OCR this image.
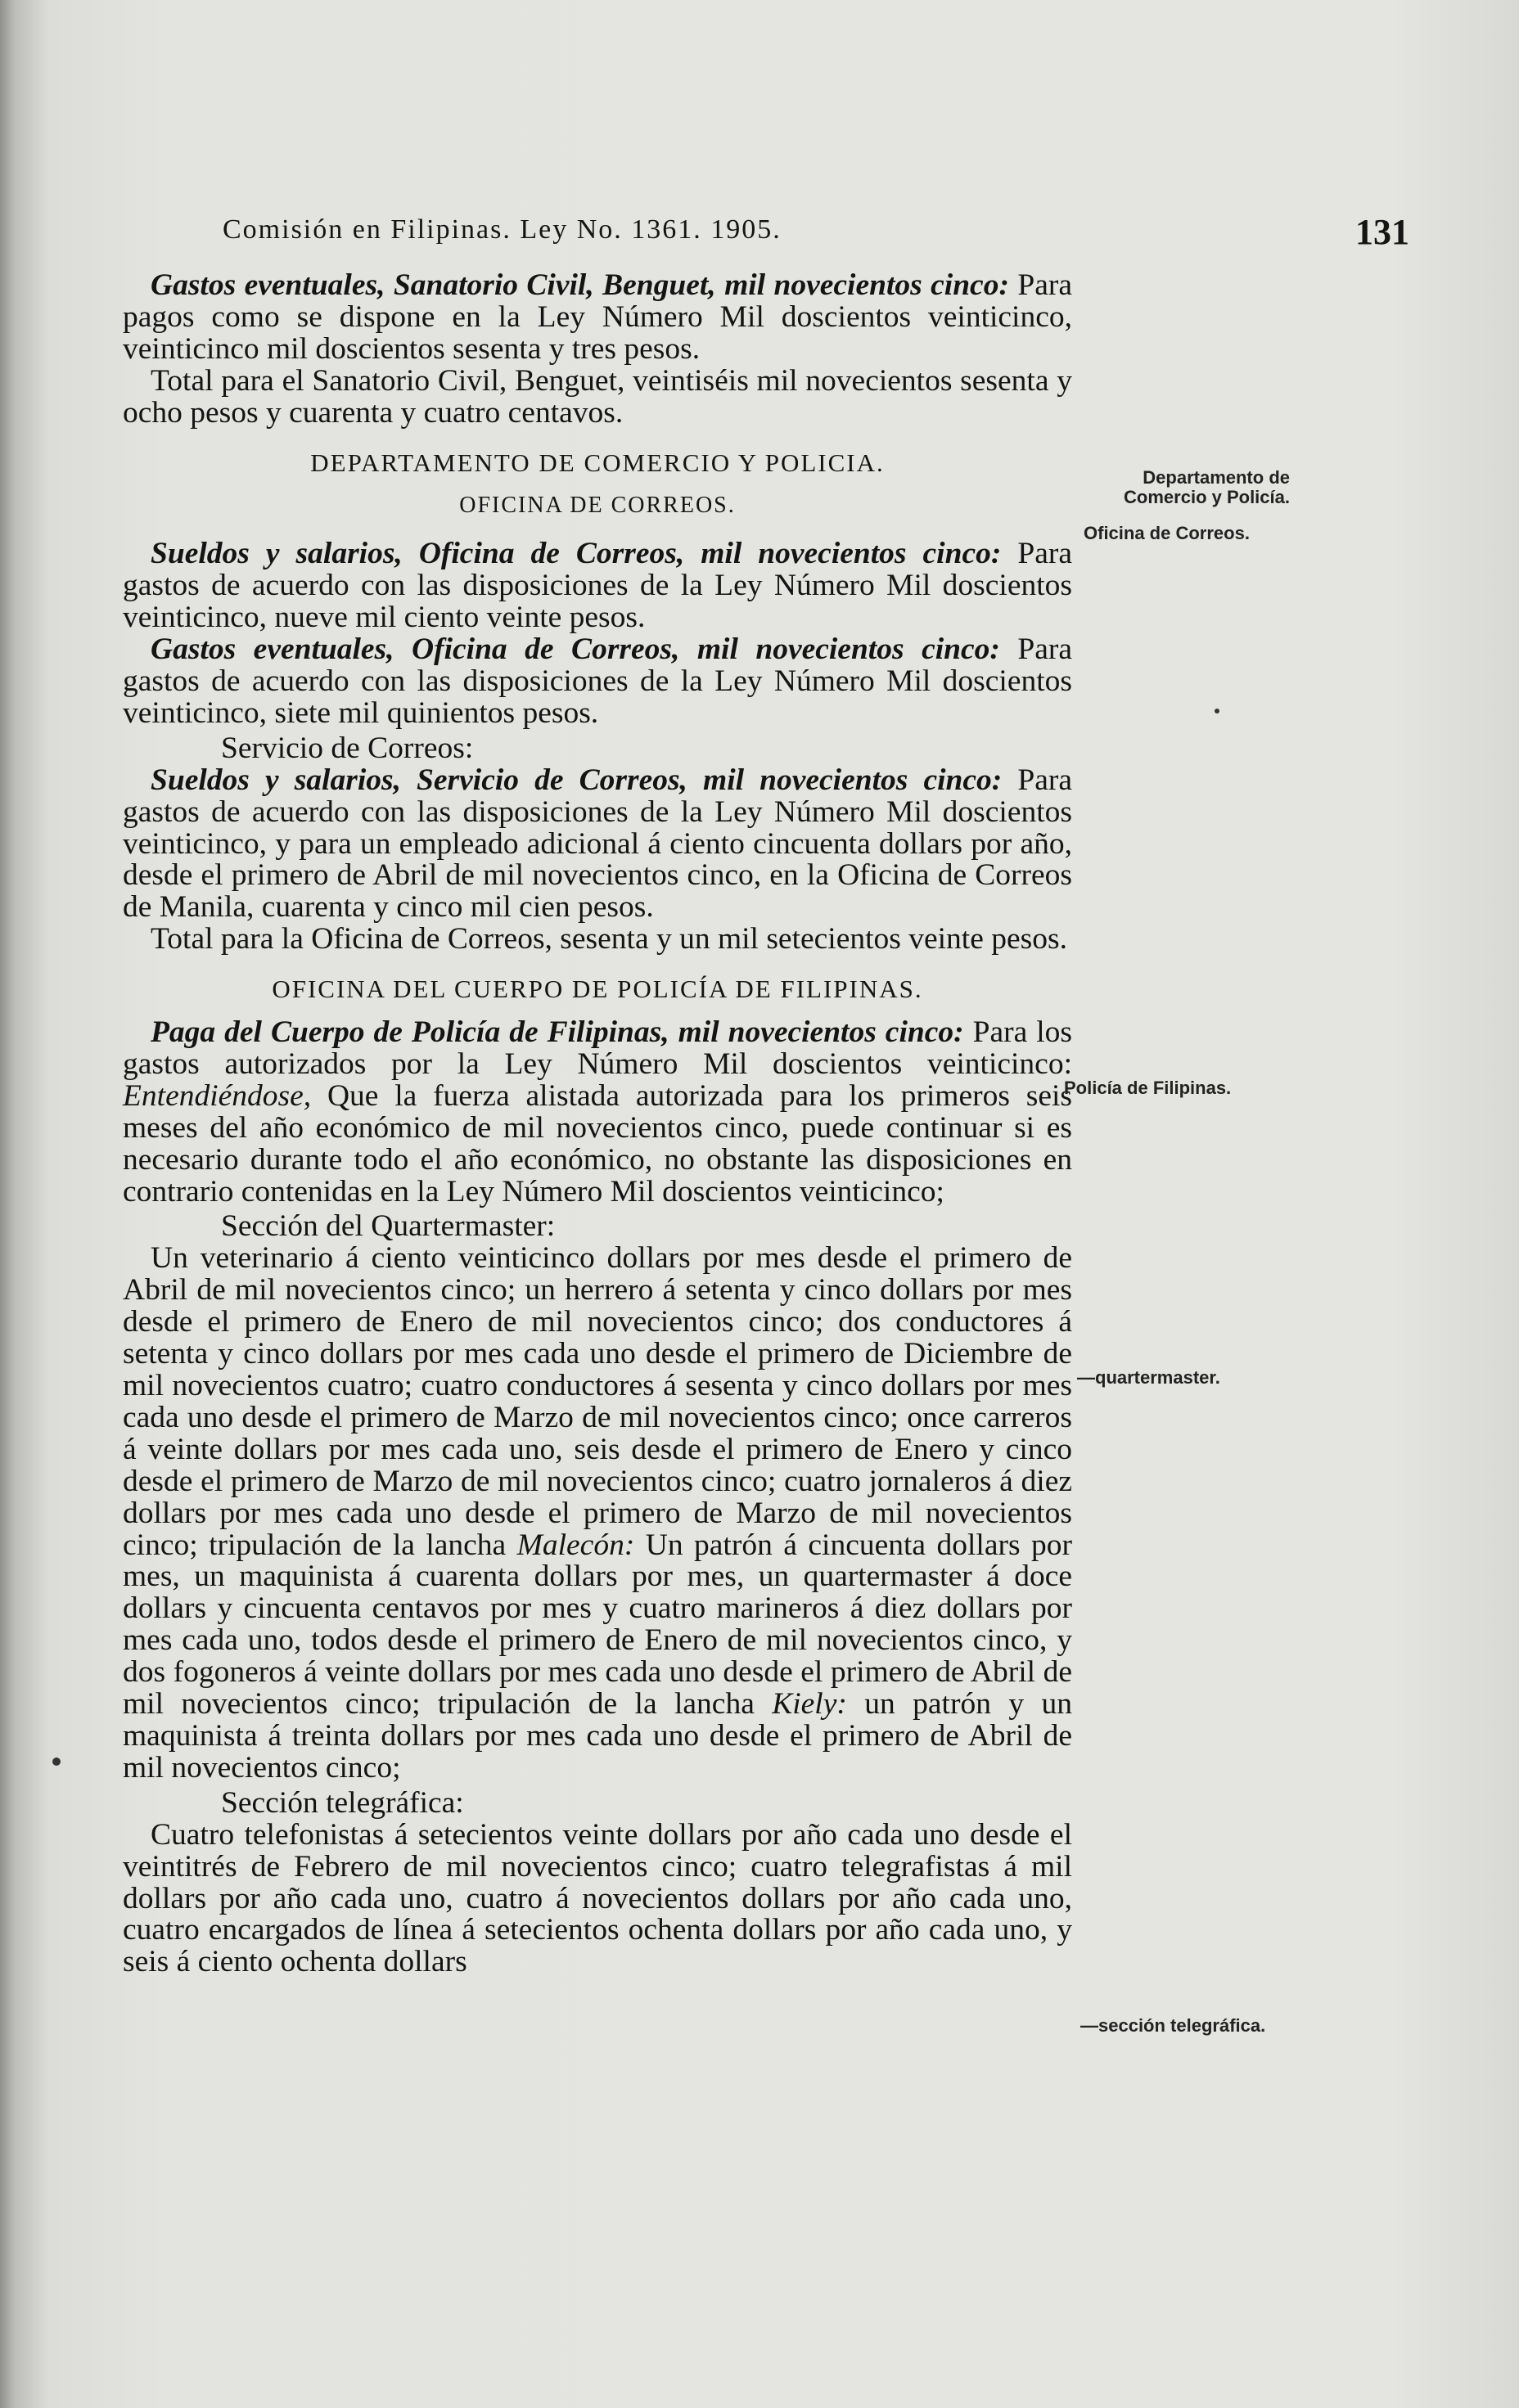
Comisión en Filipinas. Ley No. 1361. 1905.	131

Gastos eventuales, Sanatorio Civil, Benguet, mil novecientos cinco: Para pagos como se dispone en la Ley Número Mil doscientos veinticinco, veinticinco mil doscientos sesenta y tres pesos.

Total para el Sanatorio Civil, Benguet, veintiséis mil novecientos sesenta y ocho pesos y cuarenta y cuatro centavos.

DEPARTAMENTO DE COMERCIO Y POLICIA.
OFICINA DE CORREOS.

Sueldos y salarios, Oficina de Correos, mil novecientos cinco: Para gastos de acuerdo con las disposiciones de la Ley Número Mil doscientos veinticinco, nueve mil ciento veinte pesos.

Gastos eventuales, Oficina de Correos, mil novecientos cinco: Para gastos de acuerdo con las disposiciones de la Ley Número Mil doscientos veinticinco, siete mil quinientos pesos.

Servicio de Correos:

Sueldos y salarios, Servicio de Correos, mil novecientos cinco: Para gastos de acuerdo con las disposiciones de la Ley Número Mil doscientos veinticinco, y para un empleado adicional á ciento cincuenta dollars por año, desde el primero de Abril de mil novecientos cinco, en la Oficina de Correos de Manila, cuarenta y cinco mil cien pesos.

Total para la Oficina de Correos, sesenta y un mil setecientos veinte pesos.

OFICINA DEL CUERPO DE POLICÍA DE FILIPINAS.

Paga del Cuerpo de Policía de Filipinas, mil novecientos cinco: Para los gastos autorizados por la Ley Número Mil doscientos veinticinco: Entendiéndose, Que la fuerza alistada autorizada para los primeros seis meses del año económico de mil novecientos cinco, puede continuar si es necesario durante todo el año económico, no obstante las disposiciones en contrario contenidas en la Ley Número Mil doscientos veinticinco;

Sección del Quartermaster:

Un veterinario á ciento veinticinco dollars por mes desde el primero de Abril de mil novecientos cinco; un herrero á setenta y cinco dollars por mes desde el primero de Enero de mil novecientos cinco; dos conductores á setenta y cinco dollars por mes cada uno desde el primero de Diciembre de mil novecientos cuatro; cuatro conductores á sesenta y cinco dollars por mes cada uno desde el primero de Marzo de mil novecientos cinco; once carreros á veinte dollars por mes cada uno, seis desde el primero de Enero y cinco desde el primero de Marzo de mil novecientos cinco; cuatro jornaleros á diez dollars por mes cada uno desde el primero de Marzo de mil novecientos cinco; tripulación de la lancha Malecón: Un patrón á cincuenta dollars por mes, un maquinista á cuarenta dollars por mes, un quartermaster á doce dollars y cincuenta centavos por mes y cuatro marineros á diez dollars por mes cada uno, todos desde el primero de Enero de mil novecientos cinco, y dos fogoneros á veinte dollars por mes cada uno desde el primero de Abril de mil novecientos cinco; tripulación de la lancha Kiely: un patrón y un maquinista á treinta dollars por mes cada uno desde el primero de Abril de mil novecientos cinco;

Sección telegráfica:

Cuatro telefonistas á setecientos veinte dollars por año cada uno desde el veintitrés de Febrero de mil novecientos cinco; cuatro telegrafistas á mil dollars por año cada uno, cuatro á novecientos dollars por año cada uno, cuatro encargados de línea á setecientos ochenta dollars por año cada uno, y seis á ciento ochenta dollars

Departamento de Comercio y Policía.
Oficina de Correos.
Policía de Filipinas.
—quartermaster.
—sección telegráfica.
